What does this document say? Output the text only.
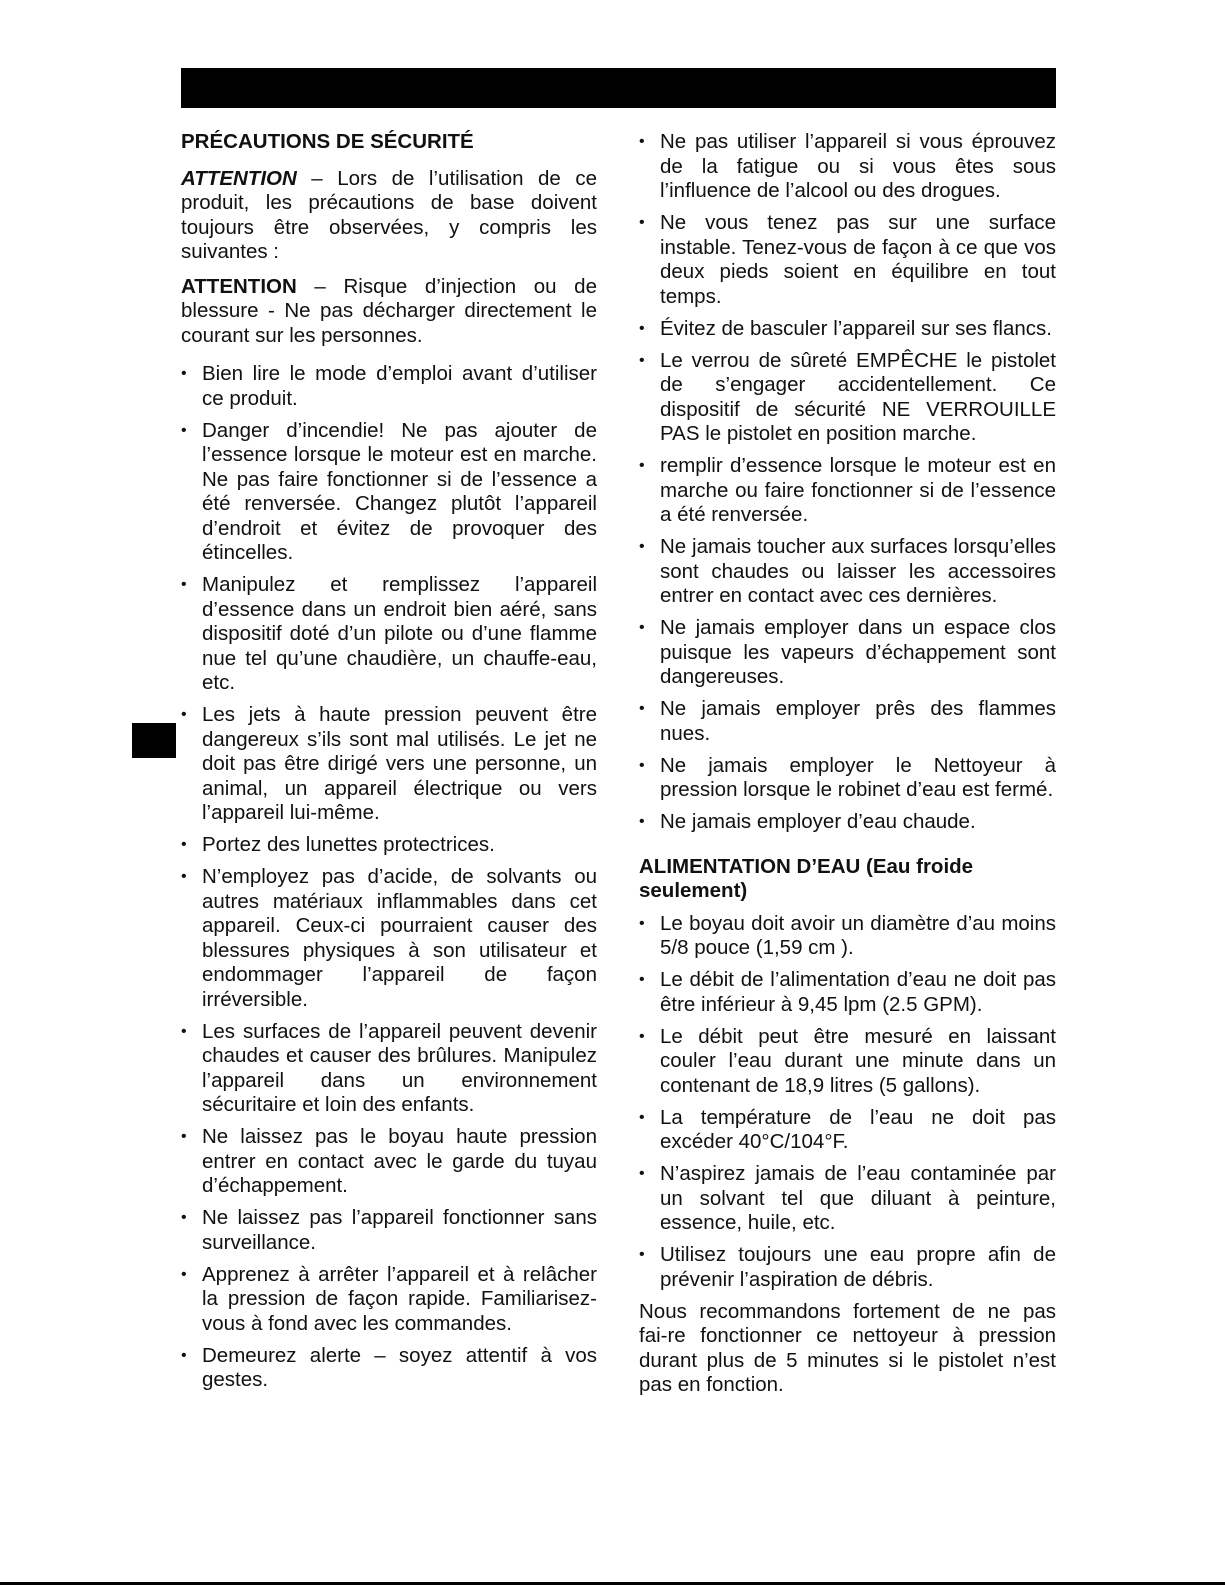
PRÉCAUTIONS DE SÉCURITÉ

ATTENTION – Lors de l’utilisation de ce produit, les précautions de base doivent toujours être observées, y compris les suivantes :

ATTENTION – Risque d’injection ou de blessure - Ne pas décharger directement le courant sur les personnes.

• Bien lire le mode d’emploi avant d’utiliser ce produit.
• Danger d’incendie! Ne pas ajouter de l’essence lorsque le moteur est en marche. Ne pas faire fonctionner si de l’essence a été renversée. Changez plutôt l’appareil d’endroit et évitez de provoquer des étincelles.
• Manipulez et remplissez l’appareil d’essence dans un endroit bien aéré, sans dispositif doté d’un pilote ou d’une flamme nue tel qu’une chaudière, un chauffe-eau, etc.
• Les jets à haute pression peuvent être dangereux s’ils sont mal utilisés. Le jet ne doit pas être dirigé vers une personne, un animal, un appareil électrique ou vers l’appareil lui-même.
• Portez des lunettes protectrices.
• N’employez pas d’acide, de solvants ou autres matériaux inflammables dans cet appareil. Ceux-ci pourraient causer des blessures physiques à son utilisateur et endommager l’appareil de façon irréversible.
• Les surfaces de l’appareil peuvent devenir chaudes et causer des brûlures. Manipulez l’appareil dans un environnement sécuritaire et loin des enfants.
• Ne laissez pas le boyau haute pression entrer en contact avec le garde du tuyau d’échappement.
• Ne laissez pas l’appareil fonctionner sans surveillance.
• Apprenez à arrêter l’appareil et à relâcher la pression de façon rapide. Familiarisez-vous à fond avec les commandes.
• Demeurez alerte – soyez attentif à vos gestes.
• Ne pas utiliser l’appareil si vous éprouvez de la fatigue ou si vous êtes sous l’influence de l’alcool ou des drogues.
• Ne vous tenez pas sur une surface instable. Tenez-vous de façon à ce que vos deux pieds soient en équilibre en tout temps.
• Évitez de basculer l’appareil sur ses flancs.
• Le verrou de sûreté EMPÊCHE le pistolet de s’engager accidentellement. Ce dispositif de sécurité NE VERROUILLE PAS le pistolet en position marche.
• remplir d’essence lorsque le moteur est en marche ou faire fonctionner si de l’essence a été renversée.
• Ne jamais toucher aux surfaces lorsqu’elles sont chaudes ou laisser les accessoires entrer en contact avec ces dernières.
• Ne jamais employer dans un espace clos puisque les vapeurs d’échappement sont dangereuses.
• Ne jamais employer prês des flammes nues.
• Ne jamais employer le Nettoyeur à pression lorsque le robinet d’eau est fermé.
• Ne jamais employer d’eau chaude.
ALIMENTATION D’EAU (Eau froide seulement)
• Le boyau doit avoir un diamètre d’au moins 5/8 pouce (1,59 cm ).
• Le débit de l’alimentation d’eau ne doit pas être inférieur à 9,45 lpm (2.5 GPM).
• Le débit peut être mesuré en laissant couler l’eau durant une minute dans un contenant de 18,9 litres (5 gallons).
• La température de l’eau ne doit pas excéder 40°C/104°F.
• N’aspirez jamais de l’eau contaminée par un solvant tel que diluant à peinture, essence, huile, etc.
• Utilisez toujours une eau propre afin de prévenir l’aspiration de débris.

Nous recommandons fortement de ne pas fai-re fonctionner ce nettoyeur à pression durant plus de 5 minutes si le pistolet n’est pas en fonction.
